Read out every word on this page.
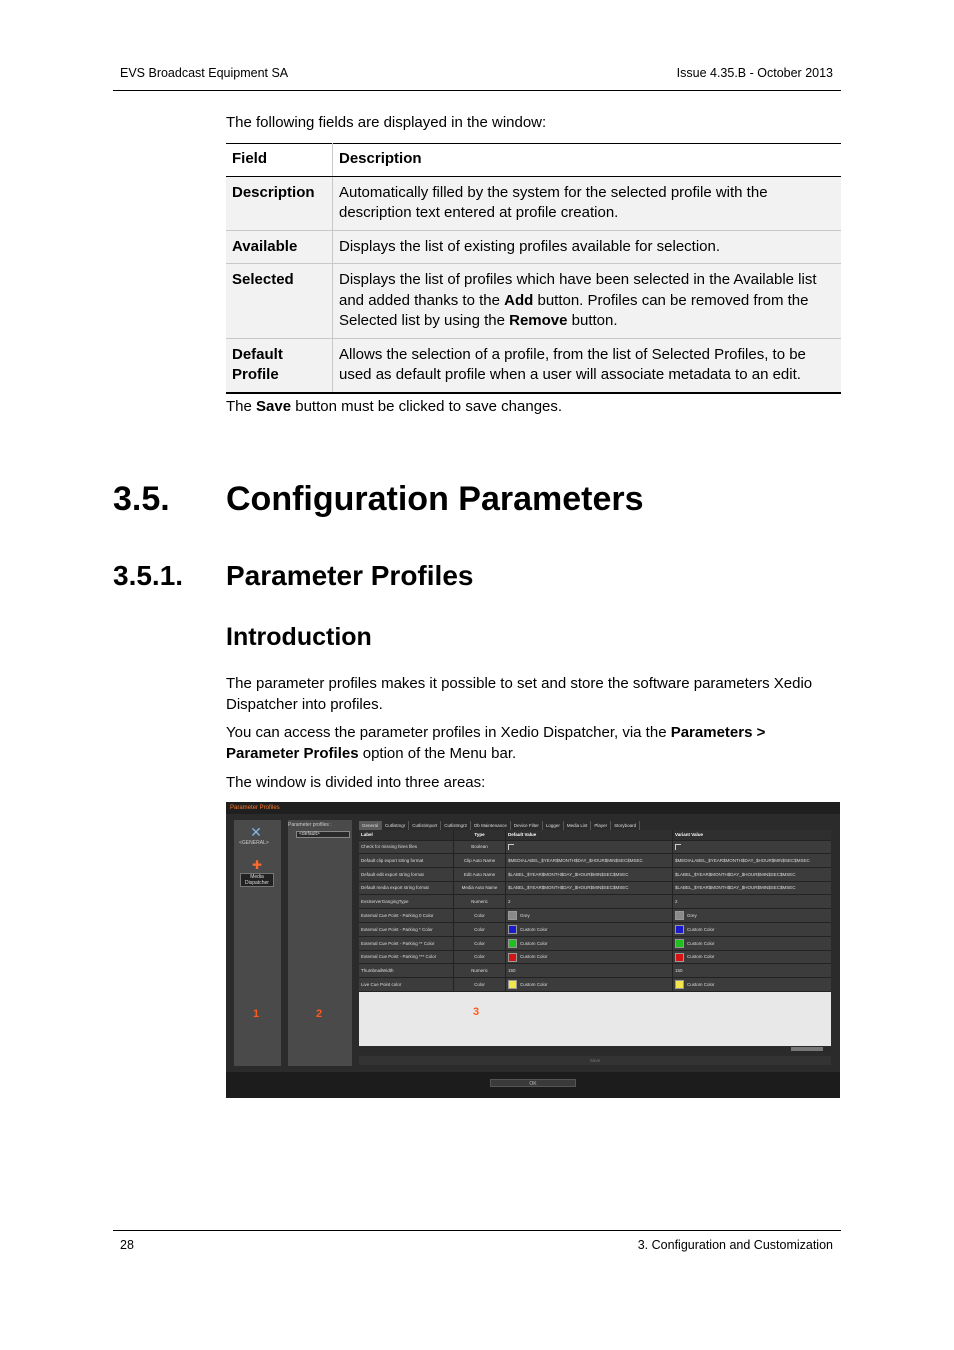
EVS Broadcast Equipment SA	Issue 4.35.B - October 2013
The following fields are displayed in the window:
Field	Description
Description	Automatically filled by the system for the selected profile with the description text entered at profile creation.
Available	Displays the list of existing profiles available for selection.
Selected	Displays the list of profiles which have been selected in the Available list and added thanks to the Add button. Profiles can be removed from the Selected list by using the Remove button.
Default Profile	Allows the selection of a profile, from the list of Selected Profiles, to be used as default profile when a user will associate metadata to an edit.
The Save button must be clicked to save changes.
3.5. Configuration Parameters
3.5.1. Parameter Profiles
Introduction
The parameter profiles makes it possible to set and store the software parameters Xedio Dispatcher into profiles.
You can access the parameter profiles in Xedio Dispatcher, via the Parameters > Parameter Profiles option of the Menu bar.
The window is divided into three areas:
Parameter Profiles
✕
<GENERAL>
✚
Media Dispatcher
1
Parameter profiles :
<default>
2
General	Cutlistmgr	Cutlistimport	Cutlistmgr2	Db Maintenance	Device Filter	Logger	Media List	Player	Storyboard
Label	Type	Default Value	Variant Value
Check for missing hires files	Boolean
Default clip export string format	Clip Auto Name	$MEDIALABEL_$YEAR$MONTH$DAY_$HOUR$MIN$SEC$MSEC	$MEDIALABEL_$YEAR$MONTH$DAY_$HOUR$MIN$SEC$MSEC
Default edit export string format	Edit Auto Name	$LABEL_$YEAR$MONTH$DAY_$HOUR$MIN$SEC$MSEC	$LABEL_$YEAR$MONTH$DAY_$HOUR$MIN$SEC$MSEC
Default media export string format	Media Auto Name	$LABEL_$YEAR$MONTH$DAY_$HOUR$MIN$SEC$MSEC	$LABEL_$YEAR$MONTH$DAY_$HOUR$MIN$SEC$MSEC
EvsServerGangingType	Numeric	2	2
External Cue Point - Parking 0 Color	Color	Grey	Grey
External Cue Point - Parking * Color	Color	Custom Color	Custom Color
External Cue Point - Parking ** Color	Color	Custom Color	Custom Color
External Cue Point - Parking *** Color	Color	Custom Color	Custom Color
ThumbnailWidth	Numeric	150	150
Live Cue Point color	Color	Custom Color	Custom Color
3
Save
OK
28	3. Configuration and Customization
